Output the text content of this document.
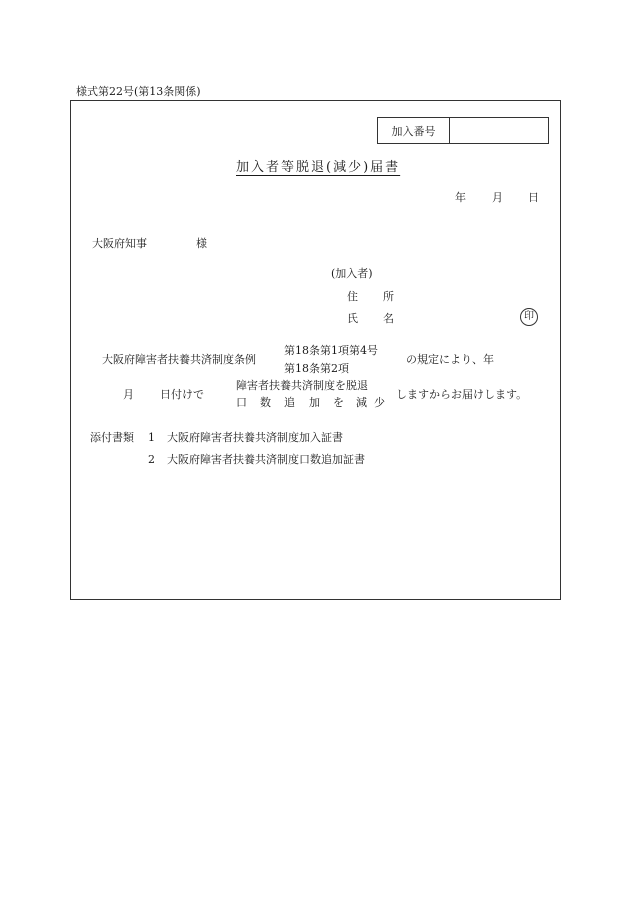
様式第22号(第13条関係)
加入番号
加入者等脱退(減少)届書
年 月 日
大阪府知事	様
(加入者)
住 所
氏 名	印
大阪府障害者扶養共済制度条例
第18条第1項第4号
第18条第2項
の規定により、年
月 日付けで
障害者扶養共済制度を脱退
口 数 追 加 を 減 少
しますからお届けします。
添付書類 1 大阪府障害者扶養共済制度加入証書
2 大阪府障害者扶養共済制度口数追加証書
